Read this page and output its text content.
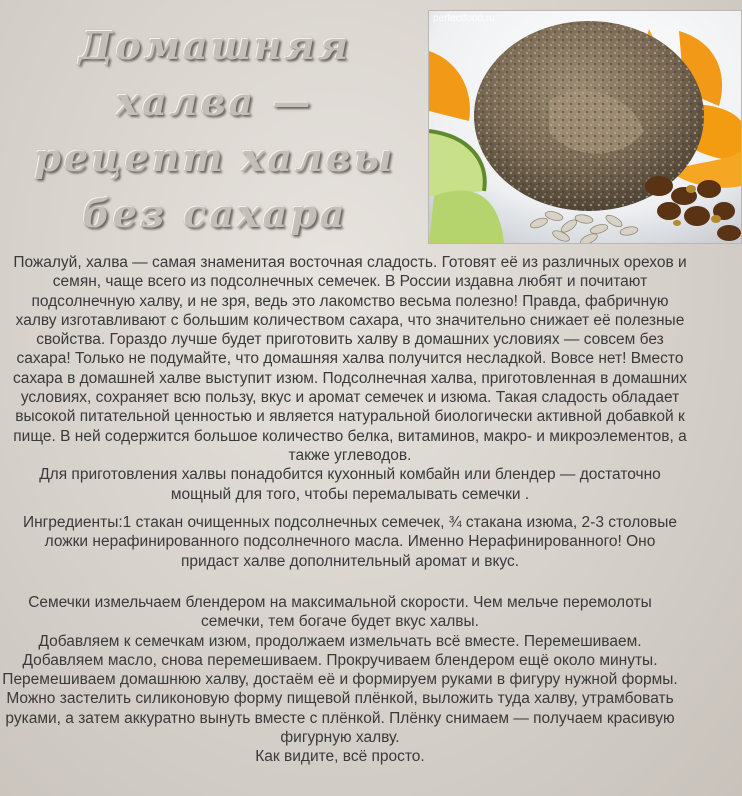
Домашняя
халва —
рецепт халвы
без сахара
perfectfood.ru

Пожалуй, халва — самая знаменитая восточная сладость. Готовят её из различных орехов и семян, чаще всего из подсолнечных семечек. В России издавна любят и почитают подсолнечную халву, и не зря, ведь это лакомство весьма полезно! Правда, фабричную халву изготавливают с большим количеством сахара, что значительно снижает её полезные свойства. Гораздо лучше будет приготовить халву в домашних условиях — совсем без сахара! Только не подумайте, что домашняя халва получится несладкой. Вовсе нет! Вместо сахара в домашней халве выступит изюм. Подсолнечная халва, приготовленная в домашних условиях, сохраняет всю пользу, вкус и аромат семечек и изюма. Такая сладость обладает высокой питательной ценностью и является натуральной биологически активной добавкой к пище. В ней содержится большое количество белка, витаминов, макро- и микроэлементов, а также углеводов.

Для приготовления халвы понадобится кухонный комбайн или блендер — достаточно мощный для того, чтобы перемалывать семечки .

Ингредиенты:1 стакан очищенных подсолнечных семечек, ¾ стакана изюма, 2-3 столовые ложки нерафинированного подсолнечного масла. Именно Нерафинированного! Оно придаст халве дополнительный аромат и вкус.

Семечки измельчаем блендером на максимальной скорости. Чем мельче перемолоты семечки, тем богаче будет вкус халвы.

Добавляем к семечкам изюм, продолжаем измельчать всё вместе. Перемешиваем.

Добавляем масло, снова перемешиваем. Прокручиваем блендером ещё около минуты.

Перемешиваем домашнюю халву, достаём её и формируем руками в фигуру нужной формы. Можно застелить силиконовую форму пищевой плёнкой, выложить туда халву, утрамбовать руками, а затем аккуратно вынуть вместе с плёнкой. Плёнку снимаем — получаем красивую фигурную халву.

Как видите, всё просто.
